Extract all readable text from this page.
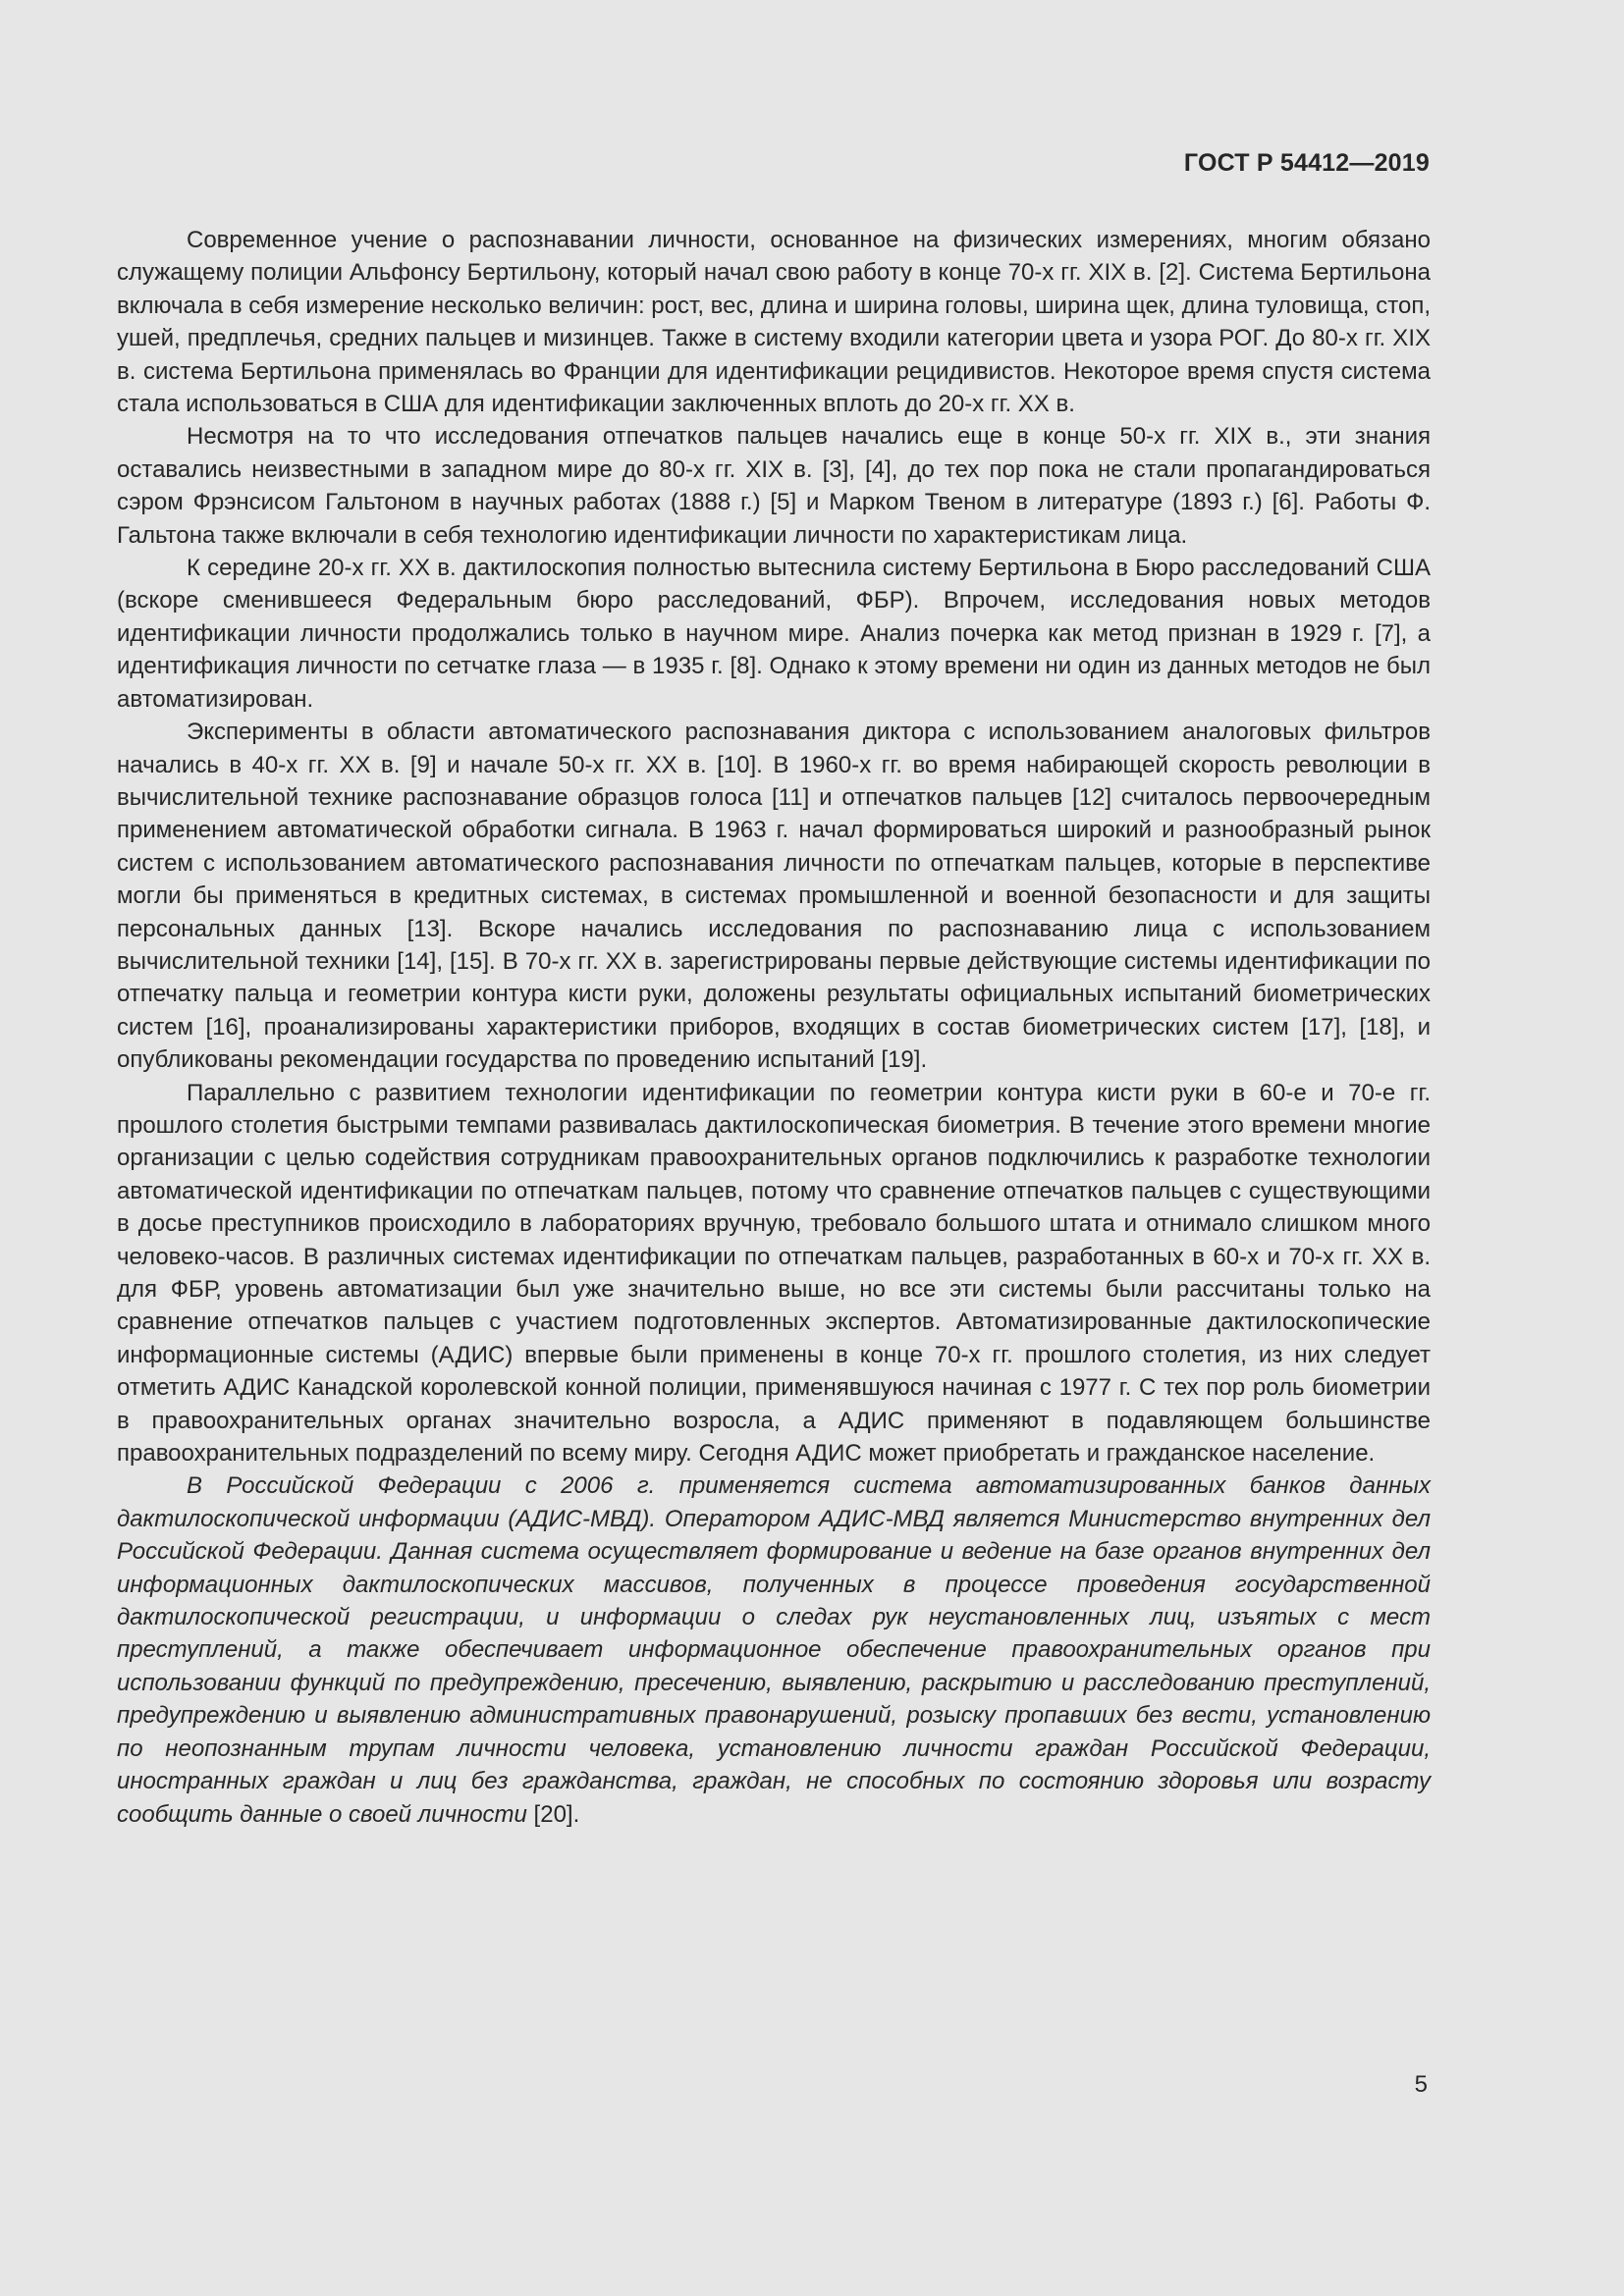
ГОСТ Р 54412—2019

Современное учение о распознавании личности, основанное на физических измерениях, многим обязано служащему полиции Альфонсу Бертильону, который начал свою работу в конце 70-х гг. XIX в. [2]. Система Бертильона включала в себя измерение несколько величин: рост, вес, длина и ширина головы, ширина щек, длина туловища, стоп, ушей, предплечья, средних пальцев и мизинцев. Также в систему входили категории цвета и узора РОГ. До 80-х гг. XIX в. система Бертильона применялась во Франции для идентификации рецидивистов. Некоторое время спустя система стала использоваться в США для идентификации заключенных вплоть до 20-х гг. XX в.

Несмотря на то что исследования отпечатков пальцев начались еще в конце 50-х гг. XIX в., эти знания оставались неизвестными в западном мире до 80-х гг. XIX в. [3], [4], до тех пор пока не стали пропагандироваться сэром Фрэнсисом Гальтоном в научных работах (1888 г.) [5] и Марком Твеном в литературе (1893 г.) [6]. Работы Ф. Гальтона также включали в себя технологию идентификации личности по характеристикам лица.

К середине 20-х гг. XX в. дактилоскопия полностью вытеснила систему Бертильона в Бюро расследований США (вскоре сменившееся Федеральным бюро расследований, ФБР). Впрочем, исследования новых методов идентификации личности продолжались только в научном мире. Анализ почерка как метод признан в 1929 г. [7], а идентификация личности по сетчатке глаза — в 1935 г. [8]. Однако к этому времени ни один из данных методов не был автоматизирован.

Эксперименты в области автоматического распознавания диктора с использованием аналоговых фильтров начались в 40-х гг. XX в. [9] и начале 50-х гг. XX в. [10]. В 1960-х гг. во время набирающей скорость революции в вычислительной технике распознавание образцов голоса [11] и отпечатков пальцев [12] считалось первоочередным применением автоматической обработки сигнала. В 1963 г. начал формироваться широкий и разнообразный рынок систем с использованием автоматического распознавания личности по отпечаткам пальцев, которые в перспективе могли бы применяться в кредитных системах, в системах промышленной и военной безопасности и для защиты персональных данных [13]. Вскоре начались исследования по распознаванию лица с использованием вычислительной техники [14], [15]. В 70-х гг. XX в. зарегистрированы первые действующие системы идентификации по отпечатку пальца и геометрии контура кисти руки, доложены результаты официальных испытаний биометрических систем [16], проанализированы характеристики приборов, входящих в состав биометрических систем [17], [18], и опубликованы рекомендации государства по проведению испытаний [19].

Параллельно с развитием технологии идентификации по геометрии контура кисти руки в 60-е и 70-е гг. прошлого столетия быстрыми темпами развивалась дактилоскопическая биометрия. В течение этого времени многие организации с целью содействия сотрудникам правоохранительных органов подключились к разработке технологии автоматической идентификации по отпечаткам пальцев, потому что сравнение отпечатков пальцев с существующими в досье преступников происходило в лабораториях вручную, требовало большого штата и отнимало слишком много человеко-часов. В различных системах идентификации по отпечаткам пальцев, разработанных в 60-х и 70-х гг. XX в. для ФБР, уровень автоматизации был уже значительно выше, но все эти системы были рассчитаны только на сравнение отпечатков пальцев с участием подготовленных экспертов. Автоматизированные дактилоскопические информационные системы (АДИС) впервые были применены в конце 70-х гг. прошлого столетия, из них следует отметить АДИС Канадской королевской конной полиции, применявшуюся начиная с 1977 г. С тех пор роль биометрии в правоохранительных органах значительно возросла, а АДИС применяют в подавляющем большинстве правоохранительных подразделений по всему миру. Сегодня АДИС может приобретать и гражданское население.

В Российской Федерации с 2006 г. применяется система автоматизированных банков данных дактилоскопической информации (АДИС-МВД). Оператором АДИС-МВД является Министерство внутренних дел Российской Федерации. Данная система осуществляет формирование и ведение на базе органов внутренних дел информационных дактилоскопических массивов, полученных в процессе проведения государственной дактилоскопической регистрации, и информации о следах рук неустановленных лиц, изъятых с мест преступлений, а также обеспечивает информационное обеспечение правоохранительных органов при использовании функций по предупреждению, пресечению, выявлению, раскрытию и расследованию преступлений, предупреждению и выявлению административных правонарушений, розыску пропавших без вести, установлению по неопознанным трупам личности человека, установлению личности граждан Российской Федерации, иностранных граждан и лиц без гражданства, граждан, не способных по состоянию здоровья или возрасту сообщить данные о своей личности [20].

5
